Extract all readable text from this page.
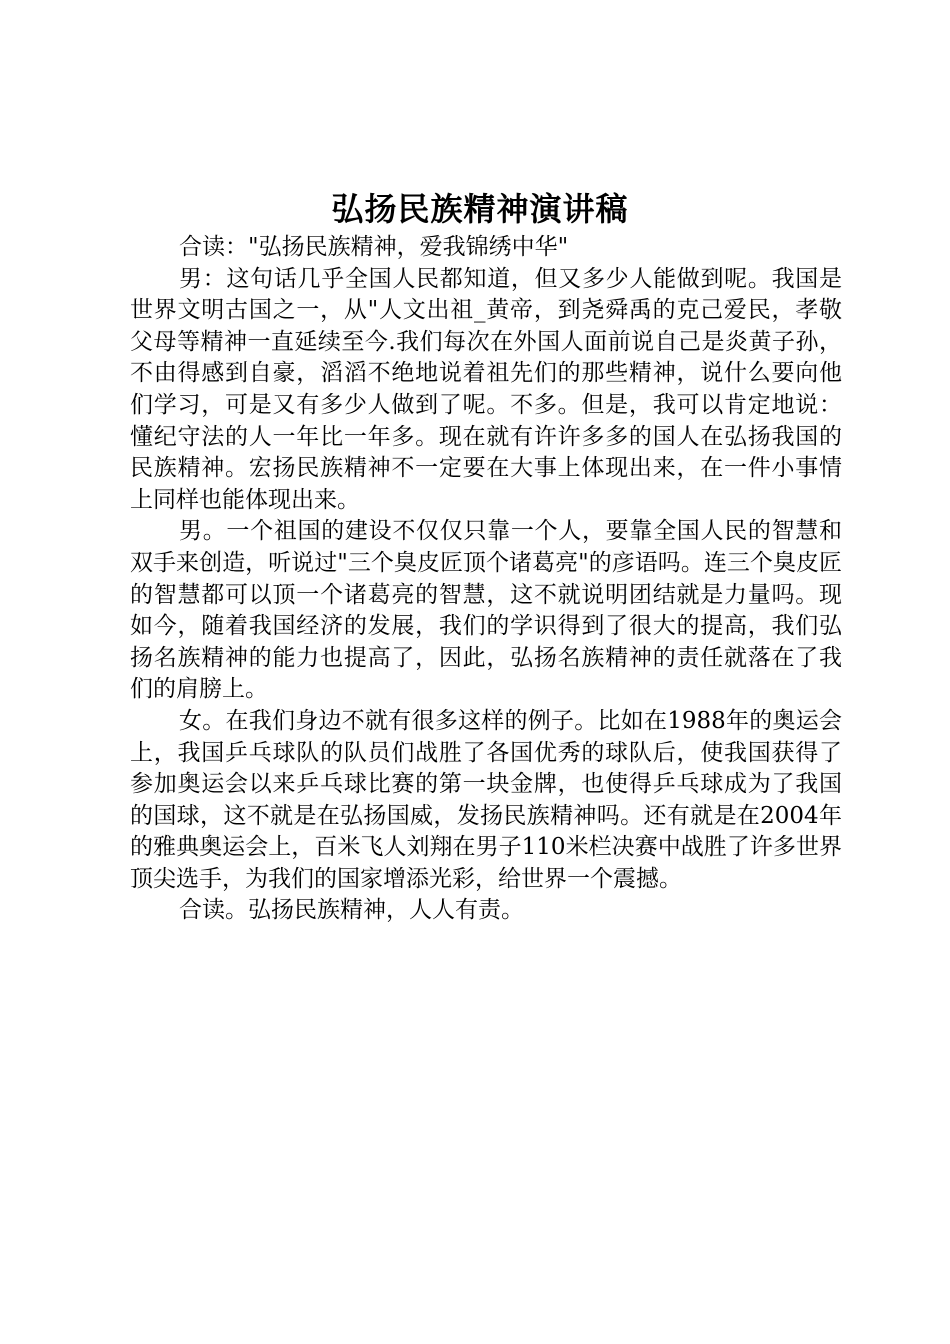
弘扬民族精神演讲稿

合读："弘扬民族精神，爱我锦绣中华"

男：这句话几乎全国人民都知道，但又多少人能做到呢。我国是世界文明古国之一，从"人文出祖_黄帝，到尧舜禹的克己爱民，孝敬父母等精神一直延续至今.我们每次在外国人面前说自己是炎黄子孙，不由得感到自豪，滔滔不绝地说着祖先们的那些精神，说什么要向他们学习，可是又有多少人做到了呢。不多。但是，我可以肯定地说：懂纪守法的人一年比一年多。现在就有许许多多的国人在弘扬我国的民族精神。宏扬民族精神不一定要在大事上体现出来，在一件小事情上同样也能体现出来。

男。一个祖国的建设不仅仅只靠一个人，要靠全国人民的智慧和双手来创造，听说过"三个臭皮匠顶个诸葛亮"的彦语吗。连三个臭皮匠的智慧都可以顶一个诸葛亮的智慧，这不就说明团结就是力量吗。现如今，随着我国经济的发展，我们的学识得到了很大的提高，我们弘扬名族精神的能力也提高了，因此，弘扬名族精神的责任就落在了我们的肩膀上。

女。在我们身边不就有很多这样的例子。比如在1988年的奥运会上，我国乒乓球队的队员们战胜了各国优秀的球队后，使我国获得了参加奥运会以来乒乓球比赛的第一块金牌，也使得乒乓球成为了我国的国球，这不就是在弘扬国威，发扬民族精神吗。还有就是在2004年的雅典奥运会上，百米飞人刘翔在男子110米栏决赛中战胜了许多世界顶尖选手，为我们的国家增添光彩，给世界一个震撼。

合读。弘扬民族精神，人人有责。
